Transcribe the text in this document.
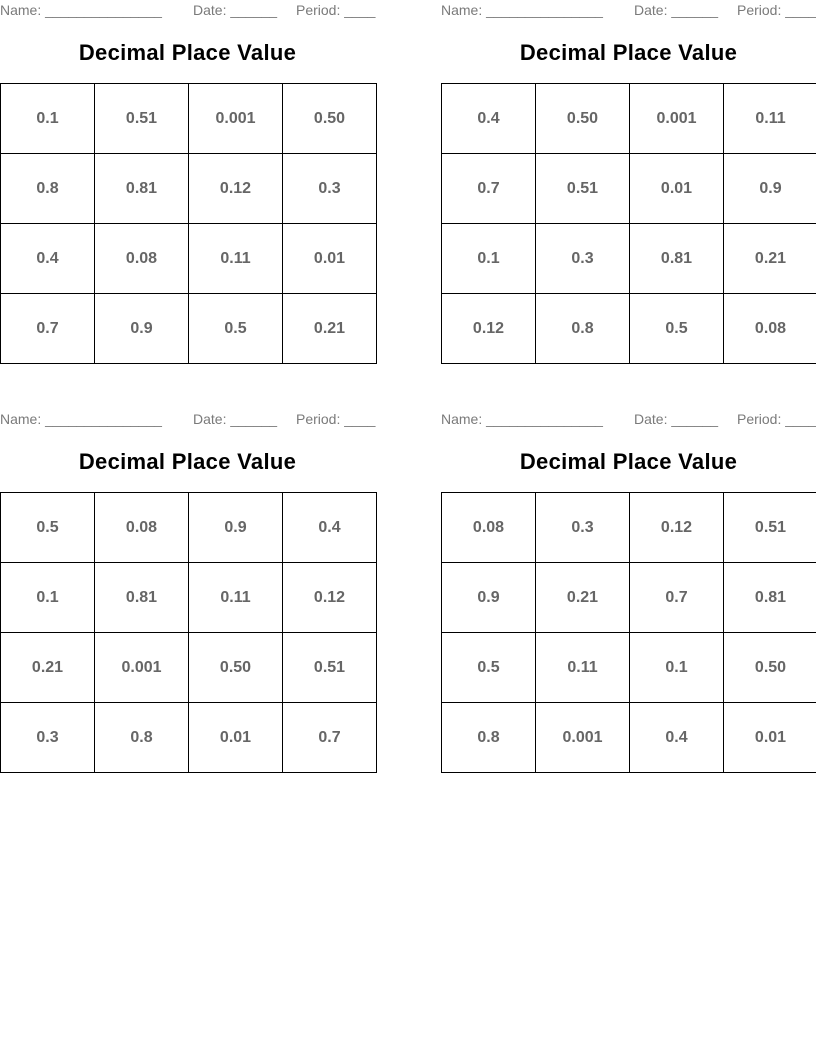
Name: _______________ Date: ______ Period: ____
Decimal Place Value
0.1	0.51	0.001	0.50
0.8	0.81	0.12	0.3
0.4	0.08	0.11	0.01
0.7	0.9	0.5	0.21
Name: _______________ Date: ______ Period: ____
Decimal Place Value
0.4	0.50	0.001	0.11
0.7	0.51	0.01	0.9
0.1	0.3	0.81	0.21
0.12	0.8	0.5	0.08
Name: _______________ Date: ______ Period: ____
Decimal Place Value
0.5	0.08	0.9	0.4
0.1	0.81	0.11	0.12
0.21	0.001	0.50	0.51
0.3	0.8	0.01	0.7
Name: _______________ Date: ______ Period: ____
Decimal Place Value
0.08	0.3	0.12	0.51
0.9	0.21	0.7	0.81
0.5	0.11	0.1	0.50
0.8	0.001	0.4	0.01
